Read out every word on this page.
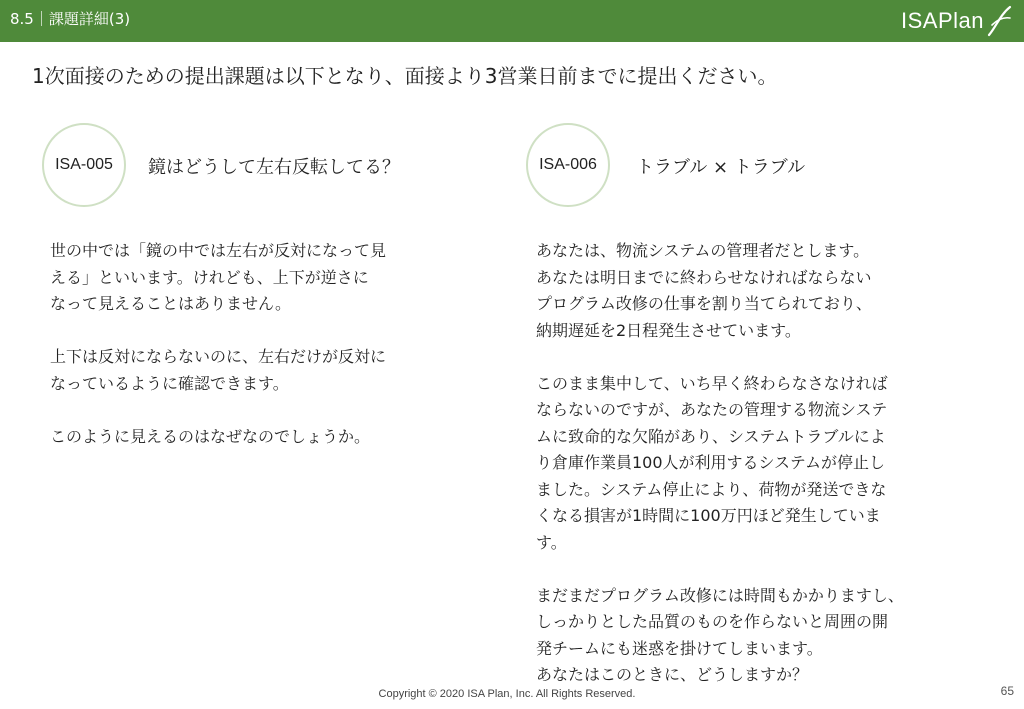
8.5｜課題詳細(3)	ISAPlan
1次面接のための提出課題は以下となり、面接より3営業日前までに提出ください。
ISA-005	鏡はどうして左右反転してる？

世の中では「鏡の中では左右が反対になって見

える」といいます。けれども、上下が逆さに

なって見えることはありません。

上下は反対にならないのに、左右だけが反対に

なっているように確認できます。

このように見えるのはなぜなのでしょうか。

ISA-006	トラブル × トラブル

あなたは、物流システムの管理者だとします。

あなたは明日までに終わらせなければならない

プログラム改修の仕事を割り当てられており、

納期遅延を2日程発生させています。

このまま集中して、いち早く終わらなさなければ

ならないのですが、あなたの管理する物流システ

ムに致命的な欠陥があり、システムトラブルによ

り倉庫作業員100人が利用するシステムが停止し

ました。システム停止により、荷物が発送できな

くなる損害が1時間に100万円ほど発生していま

す。

まだまだプログラム改修には時間もかかりますし、

しっかりとした品質のものを作らないと周囲の開

発チームにも迷惑を掛けてしまいます。

あなたはこのときに、どうしますか？

Copyright © 2020 ISA Plan, Inc. All Rights Reserved.	65
